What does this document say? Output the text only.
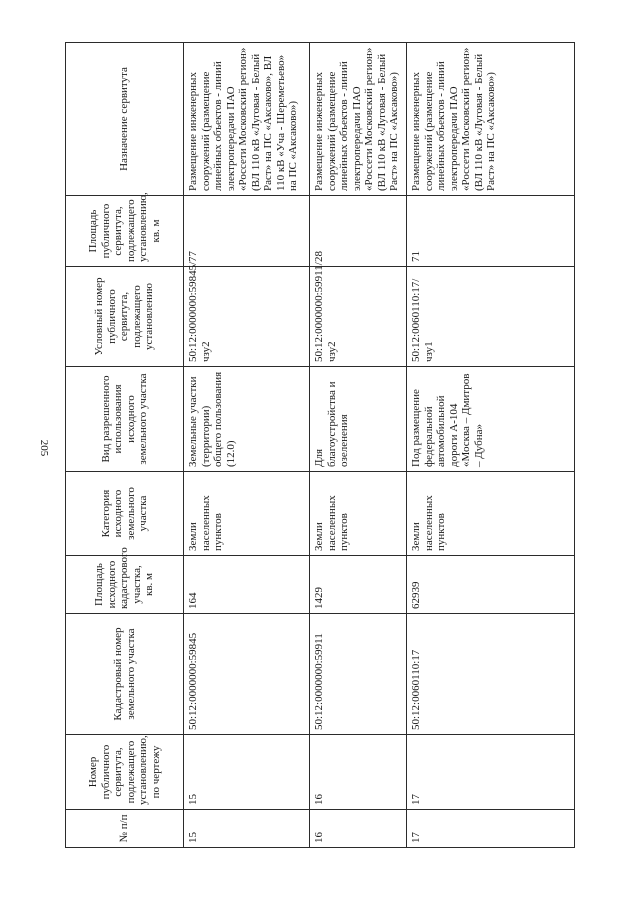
205
№ п/п	Номер публичного сервитута, подлежащего установлению, по чертежу	Кадастровый номер земельного участка	Площадь исходного кадастрового участка, кв. м	Категория исходного земельного участка	Вид разрешенного использования исходного земельного участка	Условный номер публичного сервитута, подлежащего установлению	Площадь публичного сервитута, подлежащего установлению, кв. м	Назначение сервитута
15	15	50:12:0000000:59845	164	Земли населенных пунктов	Земельные участки (территории) общего пользования (12.0)	50:12:0000000:59845/чзу2	77	Размещение инженерных сооружений (размещение линейных объектов - линий электропередачи ПАО «Россети Московский регион» (ВЛ 110 кВ «Луговая - Белый Раст» на ПС «Аксаково», ВЛ 110 кВ «Уча - Шереметьево» на ПС «Аксаково»)
16	16	50:12:0000000:59911	1429	Земли населенных пунктов	Для благоустройства и озеленения	50:12:0000000:59911/чзу2	28	Размещение инженерных сооружений (размещение линейных объектов - линий электропередачи ПАО «Россети Московский регион» (ВЛ 110 кВ «Луговая - Белый Раст» на ПС «Аксаково»)
17	17	50:12:0060110:17	62939	Земли населенных пунктов	Под размещение федеральной автомобильной дороги А-104 «Москва – Дмитров – Дубна»	50:12:0060110:17/чзу1	71	Размещение инженерных сооружений (размещение линейных объектов - линий электропередачи ПАО «Россети Московский регион» (ВЛ 110 кВ «Луговая - Белый Раст» на ПС «Аксаково»)
